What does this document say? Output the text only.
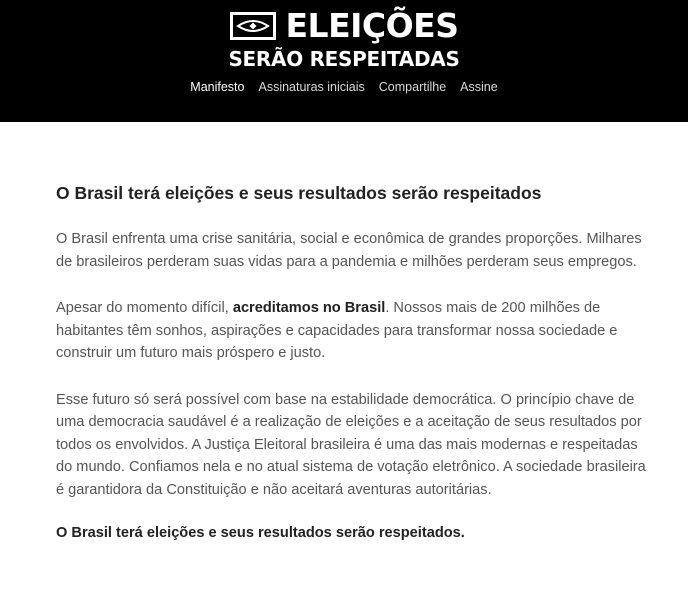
ELEIÇÕES
SERÃO RESPEITADAS
Manifesto Assinaturas iniciais Compartilhe Assine
O Brasil terá eleições e seus resultados serão respeitados

O Brasil enfrenta uma crise sanitária, social e econômica de grandes proporções. Milhares de brasileiros perderam suas vidas para a pandemia e milhões perderam seus empregos.

Apesar do momento difícil, acreditamos no Brasil. Nossos mais de 200 milhões de habitantes têm sonhos, aspirações e capacidades para transformar nossa sociedade e construir um futuro mais próspero e justo.

Esse futuro só será possível com base na estabilidade democrática. O princípio chave de uma democracia saudável é a realização de eleições e a aceitação de seus resultados por todos os envolvidos. A Justiça Eleitoral brasileira é uma das mais modernas e respeitadas do mundo. Confiamos nela e no atual sistema de votação eletrônico. A sociedade brasileira é garantidora da Constituição e não aceitará aventuras autoritárias.

O Brasil terá eleições e seus resultados serão respeitados.
